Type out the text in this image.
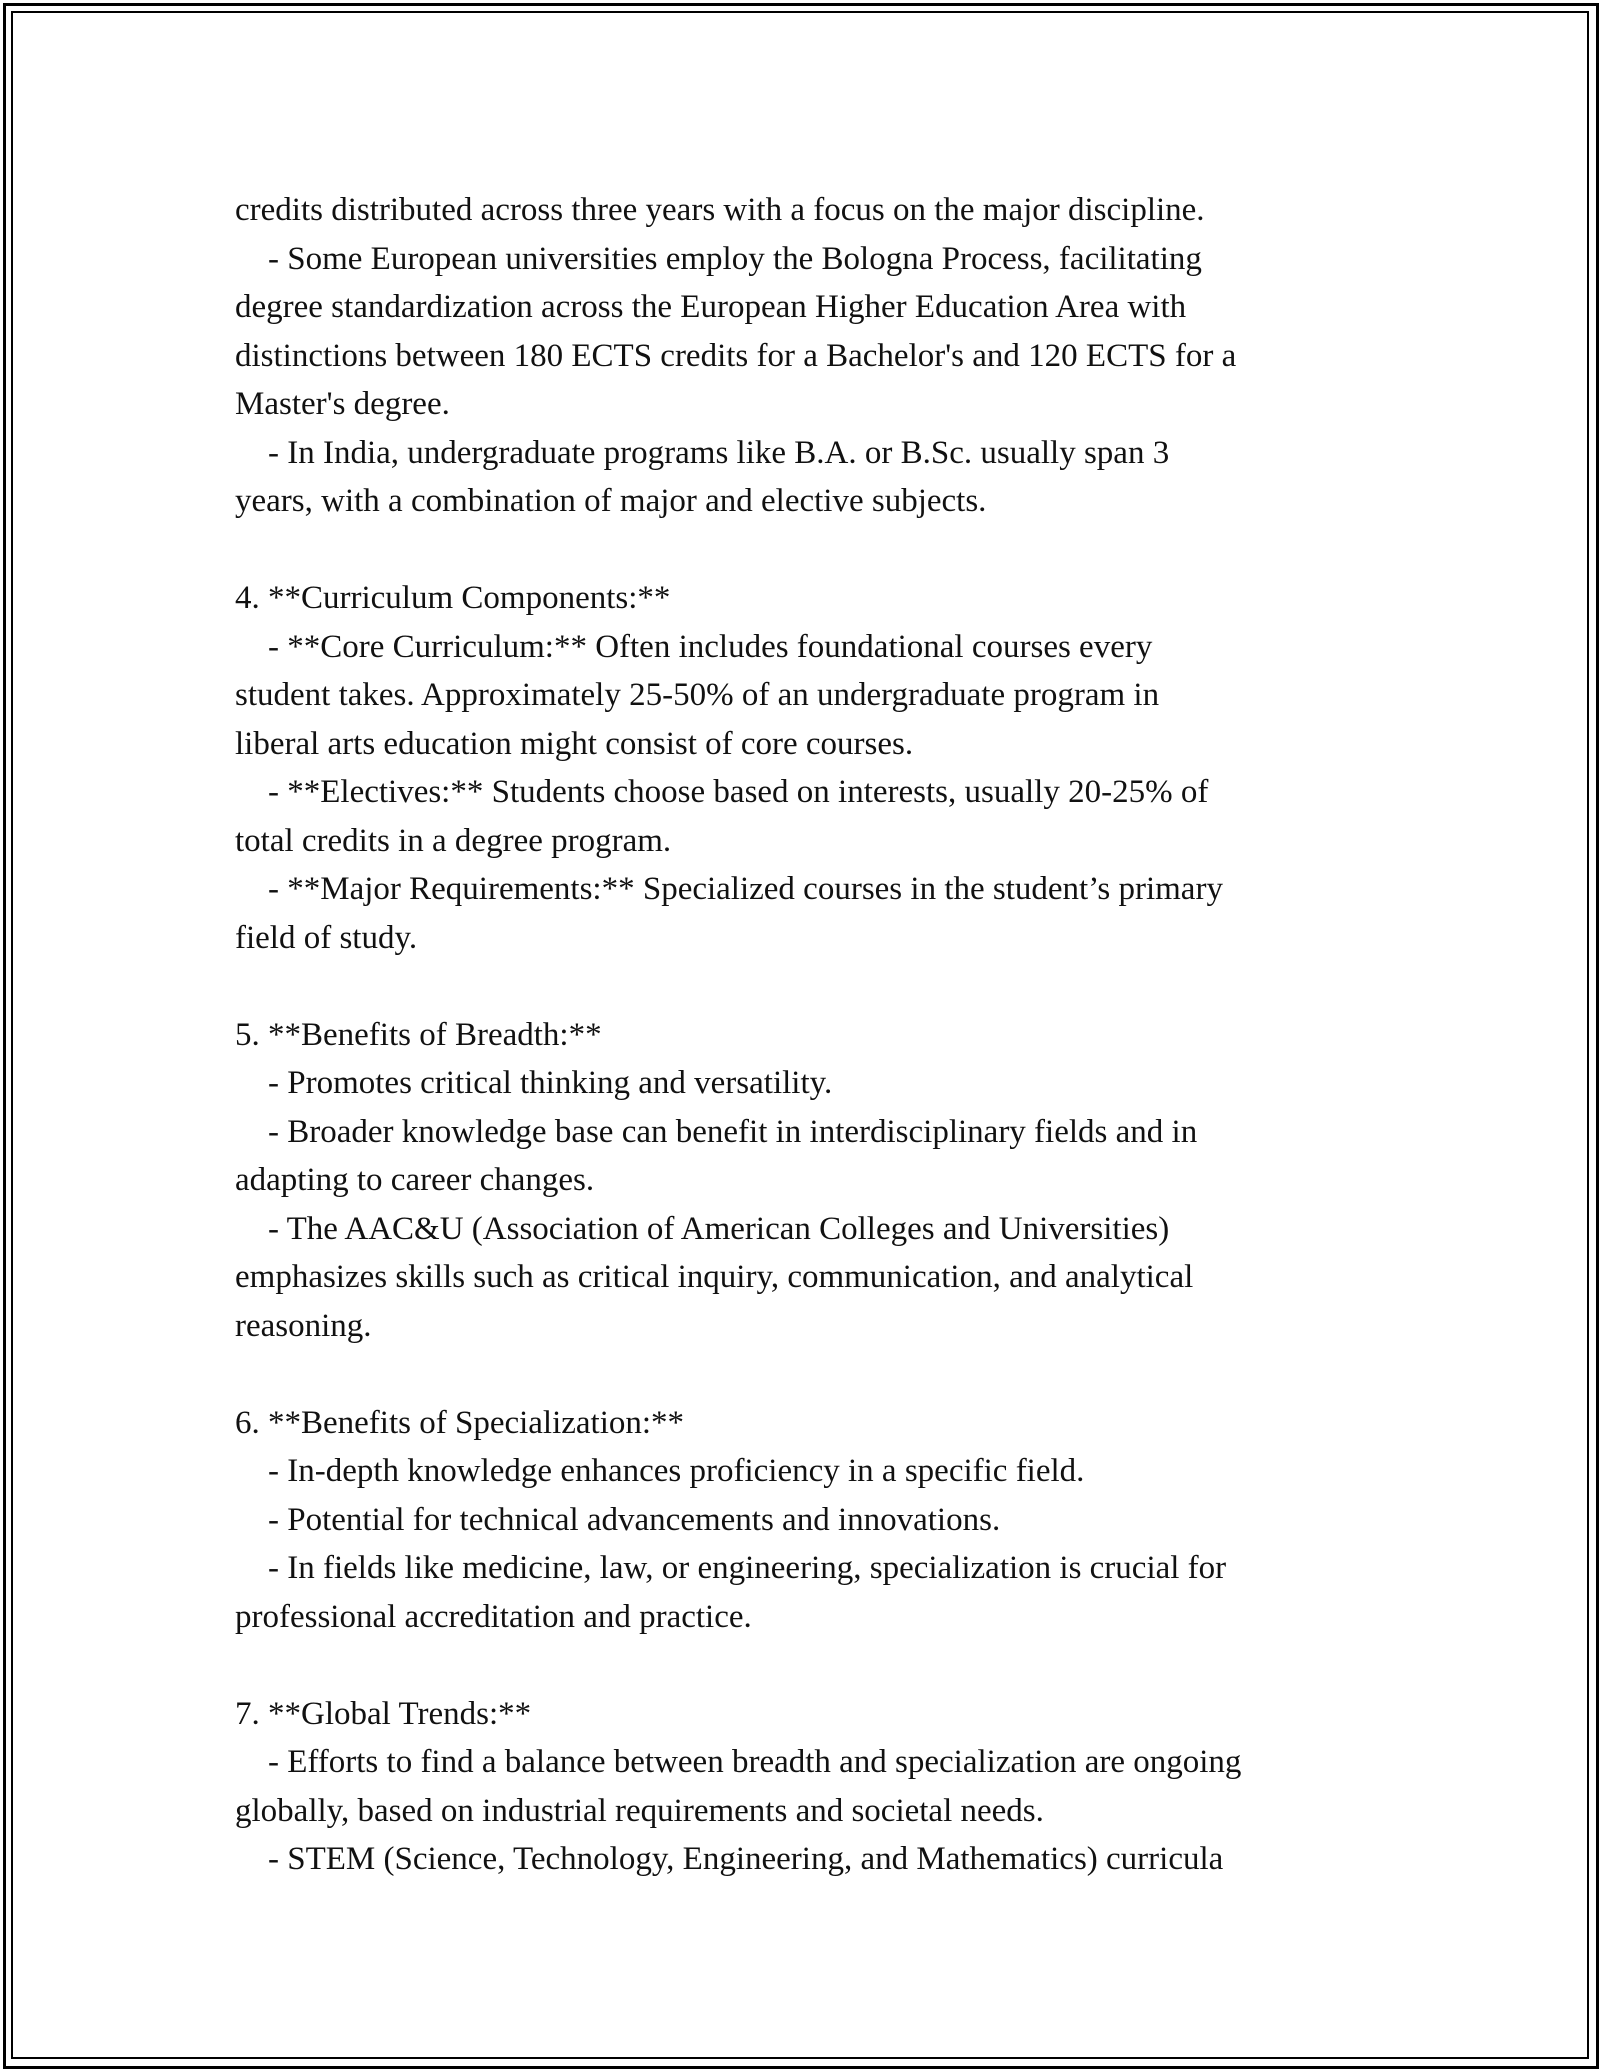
credits distributed across three years with a focus on the major discipline.
- Some European universities employ the Bologna Process, facilitating
degree standardization across the European Higher Education Area with
distinctions between 180 ECTS credits for a Bachelor's and 120 ECTS for a
Master's degree.
- In India, undergraduate programs like B.A. or B.Sc. usually span 3
years, with a combination of major and elective subjects.
4. **Curriculum Components:**
- **Core Curriculum:** Often includes foundational courses every
student takes. Approximately 25-50% of an undergraduate program in
liberal arts education might consist of core courses.
- **Electives:** Students choose based on interests, usually 20-25% of
total credits in a degree program.
- **Major Requirements:** Specialized courses in the student’s primary
field of study.
5. **Benefits of Breadth:**
- Promotes critical thinking and versatility.
- Broader knowledge base can benefit in interdisciplinary fields and in
adapting to career changes.
- The AAC&U (Association of American Colleges and Universities)
emphasizes skills such as critical inquiry, communication, and analytical
reasoning.
6. **Benefits of Specialization:**
- In-depth knowledge enhances proficiency in a specific field.
- Potential for technical advancements and innovations.
- In fields like medicine, law, or engineering, specialization is crucial for
professional accreditation and practice.
7. **Global Trends:**
- Efforts to find a balance between breadth and specialization are ongoing
globally, based on industrial requirements and societal needs.
- STEM (Science, Technology, Engineering, and Mathematics) curricula
